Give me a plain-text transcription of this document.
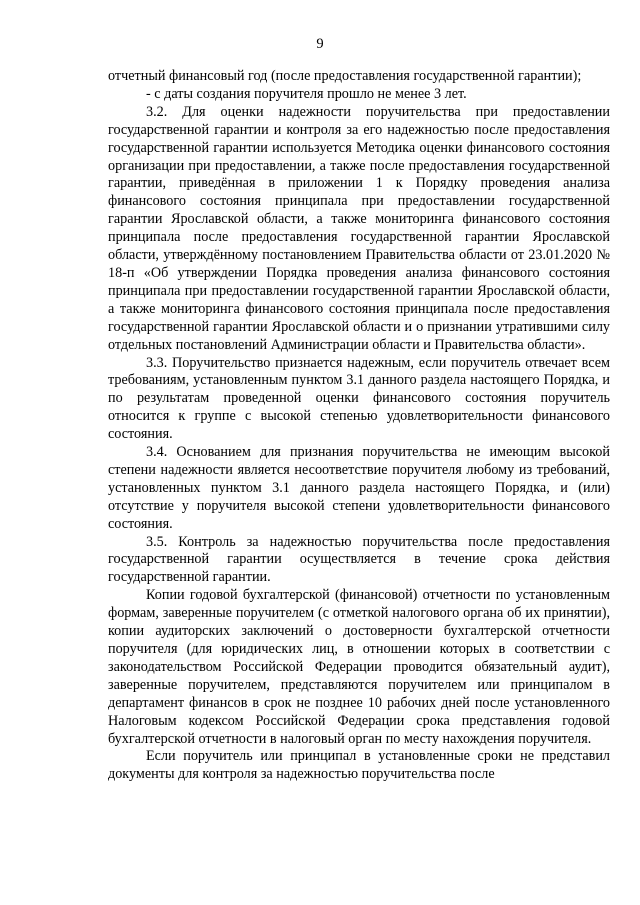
9

отчетный финансовый год (после предоставления государственной гарантии);

- с даты создания поручителя прошло не менее 3 лет.

3.2. Для оценки надежности поручительства при предоставлении государственной гарантии и контроля за его надежностью после предоставления государственной гарантии используется Методика оценки финансового состояния организации при предоставлении, а также после предоставления государственной гарантии, приведённая в приложении 1 к Порядку проведения анализа финансового состояния принципала при предоставлении государственной гарантии Ярославской области, а также мониторинга финансового состояния принципала после предоставления государственной гарантии Ярославской области, утверждённому постановлением Правительства области от 23.01.2020 № 18-п «Об утверждении Порядка проведения анализа финансового состояния принципала при предоставлении государственной гарантии Ярославской области, а также мониторинга финансового состояния принципала после предоставления государственной гарантии Ярославской области и о признании утратившими силу отдельных постановлений Администрации области и Правительства области».

3.3. Поручительство признается надежным, если поручитель отвечает всем требованиям, установленным пунктом 3.1 данного раздела настоящего Порядка, и по результатам проведенной оценки финансового состояния поручитель относится к группе с высокой степенью удовлетворительности финансового состояния.

3.4. Основанием для признания поручительства не имеющим высокой степени надежности является несоответствие поручителя любому из требований, установленных пунктом 3.1 данного раздела настоящего Порядка, и (или) отсутствие у поручителя высокой степени удовлетворительности финансового состояния.

3.5. Контроль за надежностью поручительства после предоставления государственной гарантии осуществляется в течение срока действия государственной гарантии.

Копии годовой бухгалтерской (финансовой) отчетности по установленным формам, заверенные поручителем (с отметкой налогового органа об их принятии), копии аудиторских заключений о достоверности бухгалтерской отчетности поручителя (для юридических лиц, в отношении которых в соответствии с законодательством Российской Федерации проводится обязательный аудит), заверенные поручителем, представляются поручителем или принципалом в департамент финансов в срок не позднее 10 рабочих дней после установленного Налоговым кодексом Российской Федерации срока представления годовой бухгалтерской отчетности в налоговый орган по месту нахождения поручителя.

Если поручитель или принципал в установленные сроки не представил документы для контроля за надежностью поручительства после
